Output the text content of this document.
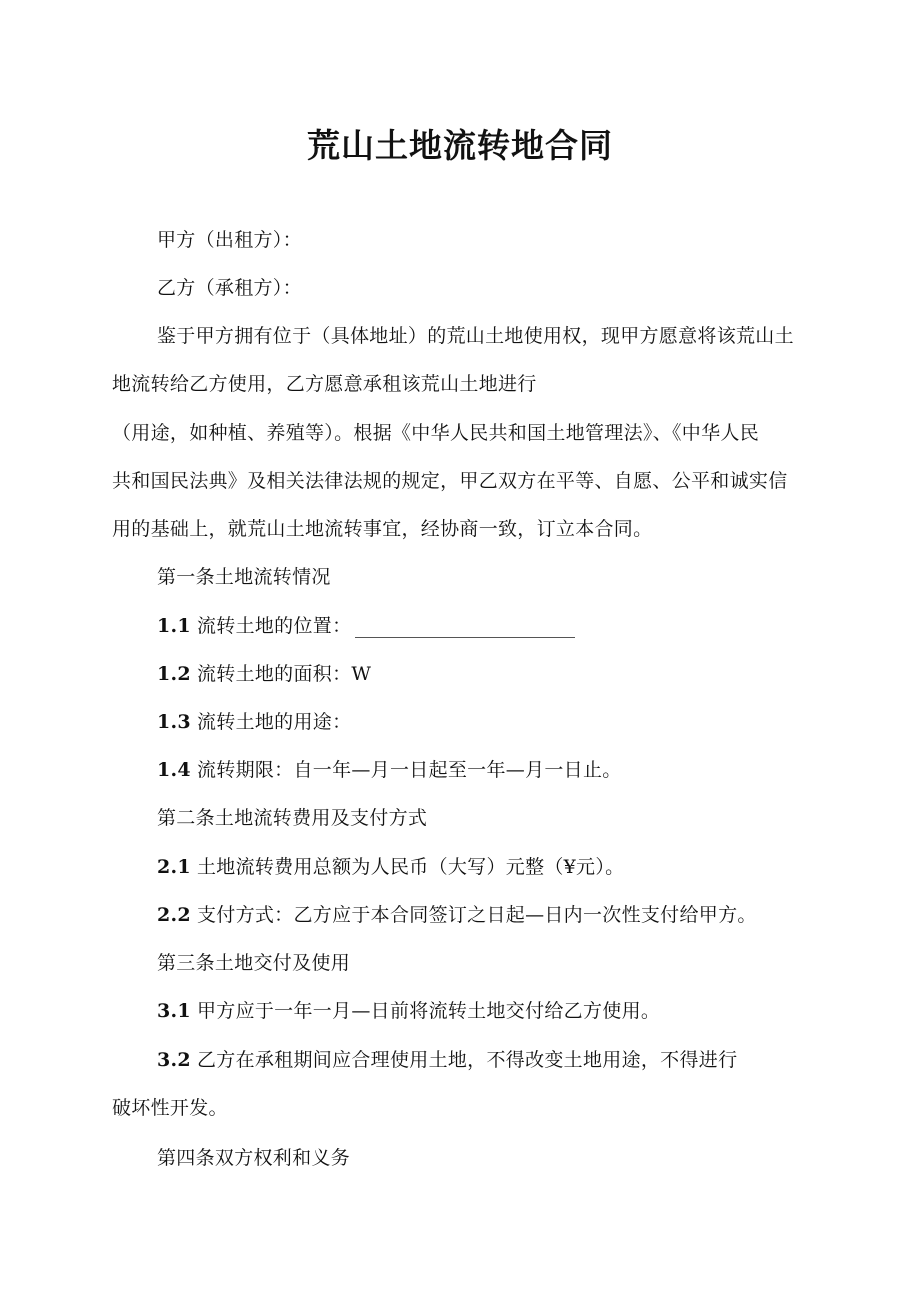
荒山土地流转地合同
甲方（出租方）：
乙方（承租方）：
鉴于甲方拥有位于（具体地址）的荒山土地使用权，现甲方愿意将该荒山土
地流转给乙方使用，乙方愿意承租该荒山土地进行
（用途，如种植、养殖等）。根据《中华人民共和国土地管理法》、《中华人民
共和国民法典》及相关法律法规的规定，甲乙双方在平等、自愿、公平和诚实信
用的基础上，就荒山土地流转事宜，经协商一致，订立本合同。
第一条土地流转情况
1.1 流转土地的位置：
1.2 流转土地的面积：W
1.3 流转土地的用途：
1.4 流转期限：自一年—月一日起至一年—月一日止。
第二条土地流转费用及支付方式
2.1 土地流转费用总额为人民币（大写）元整（¥元）。
2.2 支付方式：乙方应于本合同签订之日起—日内一次性支付给甲方。
第三条土地交付及使用
3.1 甲方应于一年一月—日前将流转土地交付给乙方使用。
3.2 乙方在承租期间应合理使用土地，不得改变土地用途，不得进行
破坏性开发。
第四条双方权利和义务
